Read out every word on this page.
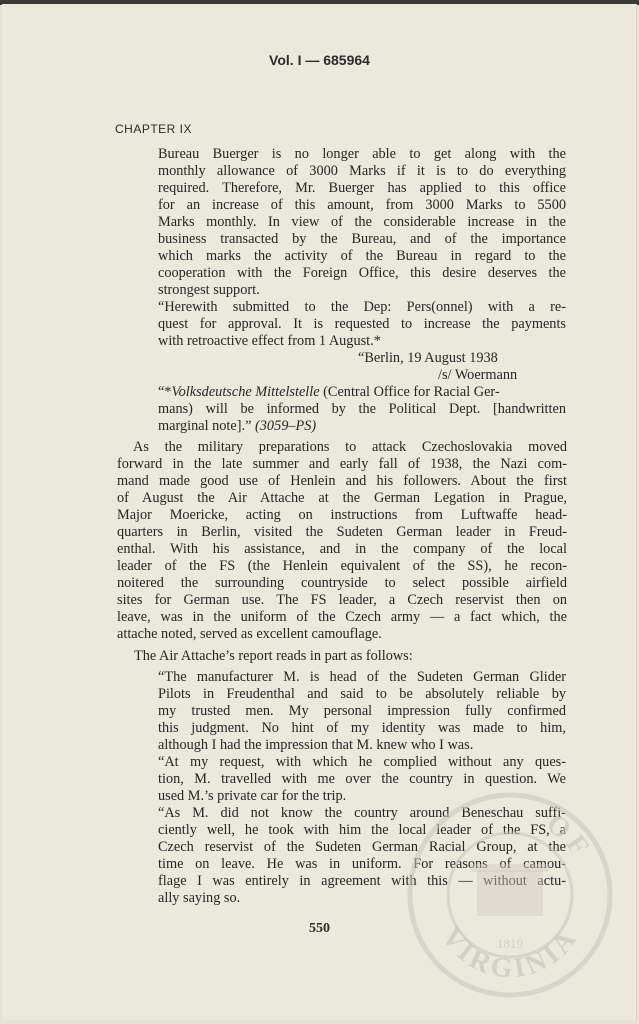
Vol. I — 685964
CHAPTER IX
Bureau Buerger is no longer able to get along with the
monthly allowance of 3000 Marks if it is to do everything
required. Therefore, Mr. Buerger has applied to this office
for an increase of this amount, from 3000 Marks to 5500
Marks monthly. In view of the considerable increase in the
business transacted by the Bureau, and of the importance
which marks the activity of the Bureau in regard to the
cooperation with the Foreign Office, this desire deserves the
strongest support.
“Herewith submitted to the Dep: Pers(onnel) with a re-
quest for approval. It is requested to increase the payments
with retroactive effect from 1 August.*
“Berlin, 19 August 1938
/s/ Woermann
“*Volksdeutsche Mittelstelle (Central Office for Racial Ger-
mans) will be informed by the Political Dept. [handwritten
marginal note].” (3059–PS)
As the military preparations to attack Czechoslovakia moved
forward in the late summer and early fall of 1938, the Nazi com-
mand made good use of Henlein and his followers. About the first
of August the Air Attache at the German Legation in Prague,
Major Moericke, acting on instructions from Luftwaffe head-
quarters in Berlin, visited the Sudeten German leader in Freud-
enthal. With his assistance, and in the company of the local
leader of the FS (the Henlein equivalent of the SS), he recon-
noitered the surrounding countryside to select possible airfield
sites for German use. The FS leader, a Czech reservist then on
leave, was in the uniform of the Czech army — a fact which, the
attache noted, served as excellent camouflage.
The Air Attache’s report reads in part as follows:
“The manufacturer M. is head of the Sudeten German Glider
Pilots in Freudenthal and said to be absolutely reliable by
my trusted men. My personal impression fully confirmed
this judgment. No hint of my identity was made to him,
although I had the impression that M. knew who I was.
“At my request, with which he complied without any ques-
tion, M. travelled with me over the country in question. We
used M.’s private car for the trip.
“As M. did not know the country around Beneschau suffi-
ciently well, he took with him the local leader of the FS, a
Czech reservist of the Sudeten German Racial Group, at the
time on leave. He was in uniform. For reasons of camou-
flage I was entirely in agreement with this — without actu-
ally saying so.
550
OF
VIRGINIA
1819
